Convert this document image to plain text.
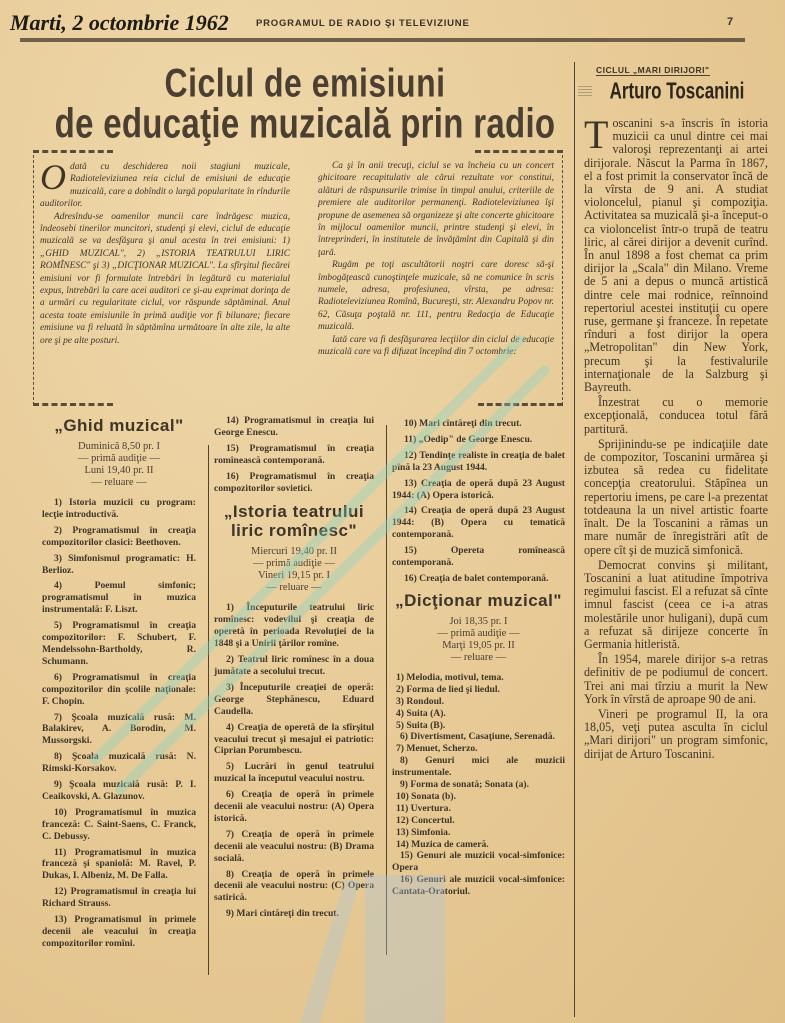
Marti, 2 octombrie 1962	PROGRAMUL DE RADIO ŞI TELEVIZIUNE	7
Ciclul de emisiuni
de educaţie muzicală prin radio

Odată cu deschiderea noii stagiuni muzicale, Radioteleviziunea reia ciclul de emisiuni de educaţie muzicală, care a dobîndit o largă popularitate în rîndurile auditorilor.

Adresîndu-se oamenilor muncii care îndrăgesc muzica, îndeosebi tinerilor muncitori, studenţi şi elevi, ciclul de educaţie muzicală se va desfăşura şi anul acesta în trei emisiuni: 1) „GHID MUZICAL", 2) „ISTORIA TEATRULUI LIRIC ROMÎNESC" şi 3) „DICŢIONAR MUZICAL". La sfîrşitul fiecărei emisiuni vor fi formulate întrebări în legătură cu materialul expus, întrebări la care acei auditori ce şi-au exprimat dorinţa de a urmări cu regularitate ciclul, vor răspunde săptăminal. Anul acesta toate emisiunile în primă audiţie vor fi bilunare; fiecare emisiune va fi reluată în săptămîna următoare în alte zile, la alte ore şi pe alte posturi.

Ca şi în anii trecuţi, ciclul se va încheia cu un concert ghicitoare recapitulativ ale cărui rezultate vor constitui, alături de răspunsurile trimise în timpul anului, criteriile de premiere ale auditorilor permanenţi. Radioteleviziunea îşi propune de asemenea să organizeze şi alte concerte ghicitoare în mijlocul oamenilor muncii, printre studenţi şi elevi, în întreprinderi, în institutele de învăţămînt din Capitală şi din ţară.

Rugăm pe toţi ascultătorii noştri care doresc să-şi îmbogăţească cunoştinţele muzicale, să ne comunice în scris numele, adresa, profesiunea, vîrsta, pe adresa: Radioteleviziunea Romînă, Bucureşti, str. Alexandru Popov nr. 62, Căsuţa poştală nr. 111, pentru Redacţia de Educaţie muzicală.

Iată care va fi desfăşurarea lecţiilor din ciclul de educaţie muzicală care va fi difuzat începînd din 7 octombrie:

„Ghid muzical"
Duminică 8,50 pr. I
— primă audiţie —
Luni 19,40 pr. II
— reluare —
1) Istoria muzicii cu program: lecţie introductivă.
2) Programatismul în creaţia compozitorilor clasici: Beethoven.
3) Simfonismul programatic: H. Berlioz.
4) Poemul simfonic; programatismul în muzica instrumentală: F. Liszt.
5) Programatismul în creaţia compozitorilor: F. Schubert, F. Mendelssohn-Bartholdy, R. Schumann.
6) Programatismul în creaţia compozitorilor din şcolile naţionale: F. Chopin.
7) Şcoala muzicală rusă: M. Balakirev, A. Borodin, M. Mussorgski.
8) Şcoala muzicală rusă: N. Rimski-Korsakov.
9) Şcoala muzicală rusă: P. I. Ceaikovski, A. Glazunov.
10) Programatismul în muzica franceză: C. Saint-Saens, C. Franck, C. Debussy.
11) Programatismul în muzica franceză şi spaniolă: M. Ravel, P. Dukas, I. Albeniz, M. De Falla.
12) Programatismul în creaţia lui Richard Strauss.
13) Programatismul în primele decenii ale veacului în creaţia compozitorilor romîni.
14) Programatismul în creaţia lui George Enescu.
15) Programatismul în creaţia romînească contemporană.
16) Programatismul în creaţia compozitorilor sovietici.
„Istoria teatrului liric romînesc"
Miercuri 19,40 pr. II
— primă audiţie —
Vineri 19,15 pr. I
— reluare —
1) Începuturile teatrului liric romînesc: vodevilul şi creaţia de operetă în perioada Revoluţiei de la 1848 şi a Unirii ţărilor romîne.
2) Teatrul liric romînesc în a doua jumătate a secolului trecut.
3) Începuturile creaţiei de operă: George Stephănescu, Eduard Caudella.
4) Creaţia de operetă de la sfîrşitul veacului trecut şi mesajul ei patriotic: Ciprian Porumbescu.
5) Lucrări în genul teatrului muzical la începutul veacului nostru.
6) Creaţia de operă în primele decenii ale veacului nostru: (A) Opera istorică.
7) Creaţia de operă în primele decenii ale veacului nostru: (B) Drama socială.
8) Creaţia de operă în primele decenii ale veacului nostru: (C) Opera satirică.
9) Mari cîntăreţi din trecut.
10) Mari cîntăreţi din trecut.
11) „Oedip" de George Enescu.
12) Tendinţe realiste în creaţia de balet pînă la 23 August 1944.
13) Creaţia de operă după 23 August 1944: (A) Opera istorică.
14) Creaţia de operă după 23 August 1944: (B) Opera cu tematică contemporană.
15) Opereta romînească contemporană.
16) Creaţia de balet contemporană.
„Dicţionar muzical"
Joi 18,35 pr. I
— primă audiţie —
Marţi 19,05 pr. II
— reluare —
1) Melodia, motivul, tema.
2) Forma de lied şi liedul.
3) Rondoul.
4) Suita (A).
5) Suita (B).
6) Divertisment, Casaţiune, Serenadă.
7) Menuet, Scherzo.
8) Genuri mici ale muzicii instrumentale.
9) Forma de sonată; Sonata (a).
10) Sonata (b).
11) Uvertura.
12) Concertul.
13) Simfonia.
14) Muzica de cameră.
15) Genuri ale muzicii vocal-simfonice: Opera
16) Genuri ale muzicii vocal-simfonice: Cantata-Oratoriul.
CICLUL „MARI DIRIJORI"
Arturo Toscanini

Toscanini s-a înscris în istoria muzicii ca unul dintre cei mai valoroşi reprezentanţi ai artei dirijorale. Născut la Parma în 1867, el a fost primit la conservator încă de la vîrsta de 9 ani. A studiat violoncelul, pianul şi compoziţia. Activitatea sa muzicală şi-a început-o ca violoncelist într-o trupă de teatru liric, al cărei dirijor a devenit curînd. În anul 1898 a fost chemat ca prim dirijor la „Scala" din Milano. Vreme de 5 ani a depus o muncă artistică dintre cele mai rodnice, reînnoind repertoriul acestei instituţii cu opere ruse, germane şi franceze. În repetate rînduri a fost dirijor la opera „Metropolitan" din New York, precum şi la festivalurile internaţionale de la Salzburg şi Bayreuth.

Înzestrat cu o memorie excepţională, conducea totul fără partitură.

Sprijinindu-se pe indicaţiile date de compozitor, Toscanini urmărea şi izbutea să redea cu fidelitate concepţia creatorului. Stăpînea un repertoriu imens, pe care l-a prezentat totdeauna la un nivel artistic foarte înalt. De la Toscanini a rămas un mare număr de înregistrări atît de opere cît şi de muzică simfonică.

Democrat convins şi militant, Toscanini a luat atitudine împotriva regimului fascist. El a refuzat să cînte imnul fascist (ceea ce i-a atras molestările unor huligani), după cum a refuzat să dirijeze concerte în Germania hitleristă.

În 1954, marele dirijor s-a retras definitiv de pe podiumul de concert. Trei ani mai tîrziu a murit la New York în vîrstă de aproape 90 de ani.

Vineri pe programul II, la ora 18,05, veţi putea asculta în ciclul „Mari dirijori" un program simfonic, dirijat de Arturo Toscanini.
